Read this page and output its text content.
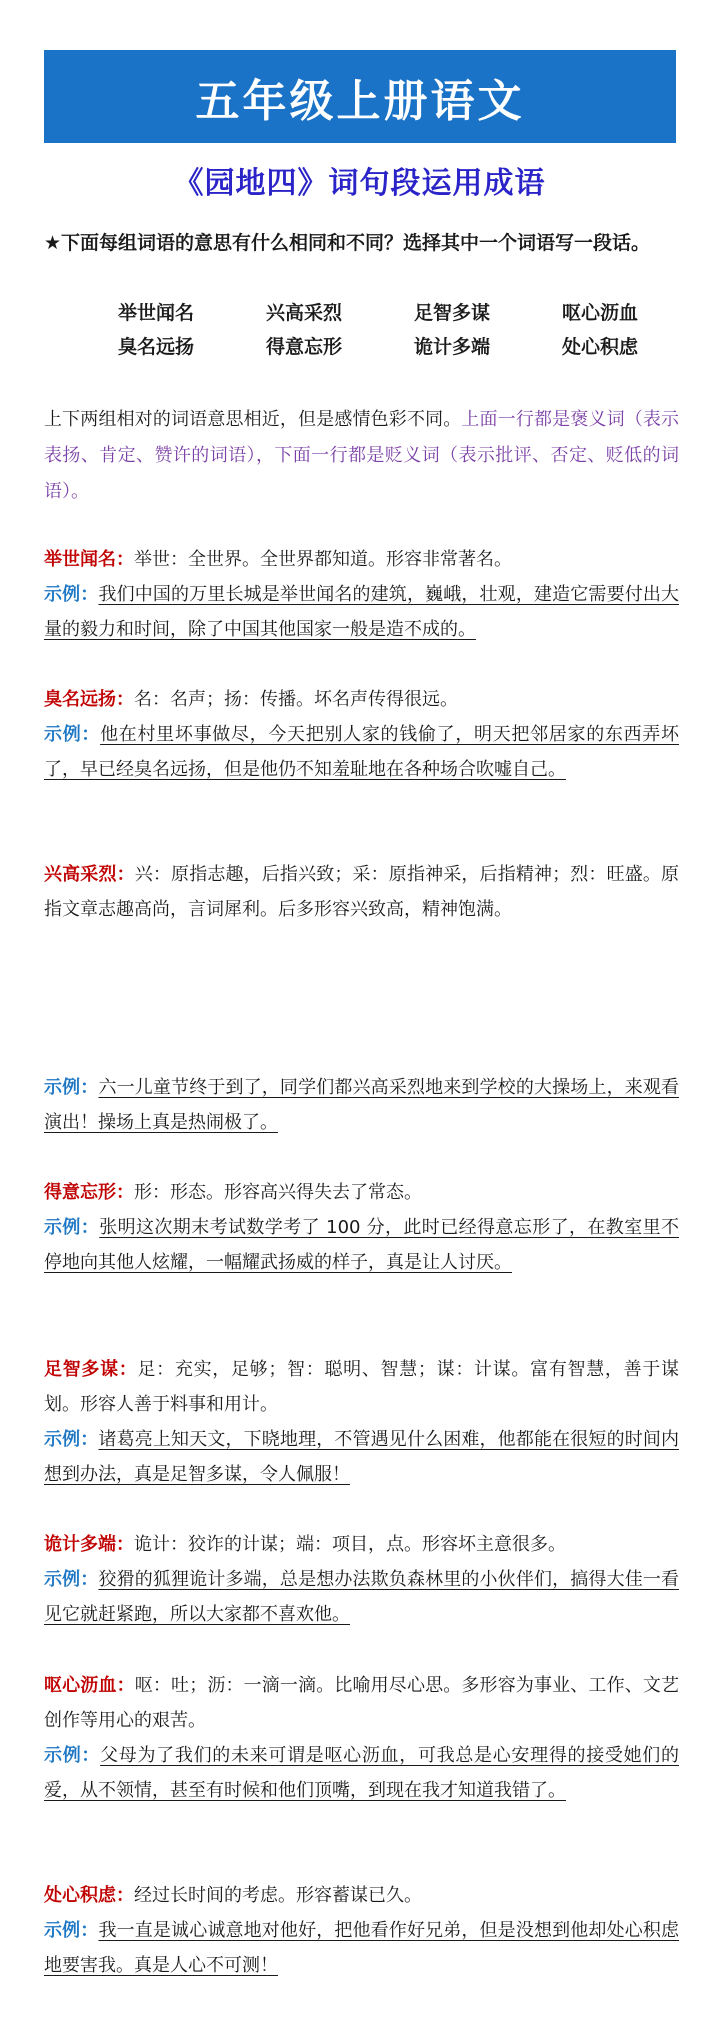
五年级上册语文
《园地四》词句段运用成语
★下面每组词语的意思有什么相同和不同？选择其中一个词语写一段话。
举世闻名	兴高采烈	足智多谋	呕心沥血
臭名远扬	得意忘形	诡计多端	处心积虑
上下两组相对的词语意思相近，但是感情色彩不同。上面一行都是褒义词（表示表扬、肯定、赞许的词语），下面一行都是贬义词（表示批评、否定、贬低的词语）。
举世闻名：举世：全世界。全世界都知道。形容非常著名。
示例：我们中国的万里长城是举世闻名的建筑，巍峨，壮观，建造它需要付出大量的毅力和时间，除了中国其他国家一般是造不成的。
臭名远扬：名：名声；扬：传播。坏名声传得很远。
示例：他在村里坏事做尽，今天把别人家的钱偷了，明天把邻居家的东西弄坏了，早已经臭名远扬，但是他仍不知羞耻地在各种场合吹嘘自己。
兴高采烈：兴：原指志趣，后指兴致；采：原指神采，后指精神；烈：旺盛。原指文章志趣高尚，言词犀利。后多形容兴致高，精神饱满。
示例：六一儿童节终于到了，同学们都兴高采烈地来到学校的大操场上，来观看演出！操场上真是热闹极了。
得意忘形：形：形态。形容高兴得失去了常态。
示例：张明这次期末考试数学考了 100 分，此时已经得意忘形了，在教室里不停地向其他人炫耀，一幅耀武扬威的样子，真是让人讨厌。
足智多谋：足：充实，足够；智：聪明、智慧；谋：计谋。富有智慧，善于谋划。形容人善于料事和用计。
示例：诸葛亮上知天文，下晓地理，不管遇见什么困难，他都能在很短的时间内想到办法，真是足智多谋，令人佩服！
诡计多端：诡计：狡诈的计谋；端：项目，点。形容坏主意很多。
示例：狡猾的狐狸诡计多端，总是想办法欺负森林里的小伙伴们，搞得大佳一看见它就赶紧跑，所以大家都不喜欢他。
呕心沥血：呕：吐；沥：一滴一滴。比喻用尽心思。多形容为事业、工作、文艺创作等用心的艰苦。
示例：父母为了我们的未来可谓是呕心沥血，可我总是心安理得的接受她们的爱，从不领情，甚至有时候和他们顶嘴，到现在我才知道我错了。
处心积虑：经过长时间的考虑。形容蓄谋已久。
示例：我一直是诚心诚意地对他好，把他看作好兄弟，但是没想到他却处心积虑地要害我。真是人心不可测！
